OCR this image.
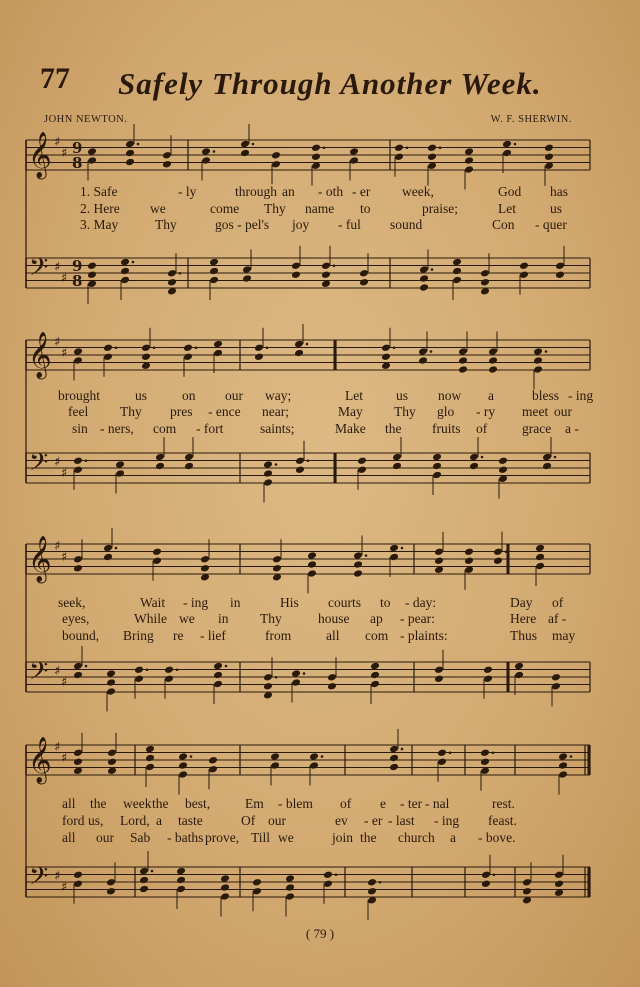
77 Safely Through Another Week.
JOHN NEWTON.	W. F. SHERWIN.
𝄞 ♯
♯ 9
8
𝄢 ♯
♯
9
8
𝄞 ♯
♯
𝄢 ♯
♯
𝄞 ♯
♯
𝄢 ♯
♯
𝄞 ♯
♯
𝄢 ♯
♯
1. Safe	- ly	through an - oth - er week,	God has
2. Here we	come Thy name to	praise;	Let	us
3. May	Thy	gos - pel's joy - ful sound	Con - quer
brought	us	on our way;	Let us now a	bless - ing
feel Thy pres - ence near;	May Thy glo - ry meet our
sin - ners, com - fort	saints;	Make the fruits of	grace a -
seek,	Wait - ing in	His courts to - day:	Day of
eyes,	While we in Thy	house ap - pear:	Here af -
bound, Bring re - lief	from	all com - plaints:	Thus may
all the week the best,	Em - blem of e - ter - nal	rest.
ford us, Lord, a taste	Of our	ev - er - last - ing feast.
all our Sab - baths prove, Till we	join the church a - bove.
( 79 )
